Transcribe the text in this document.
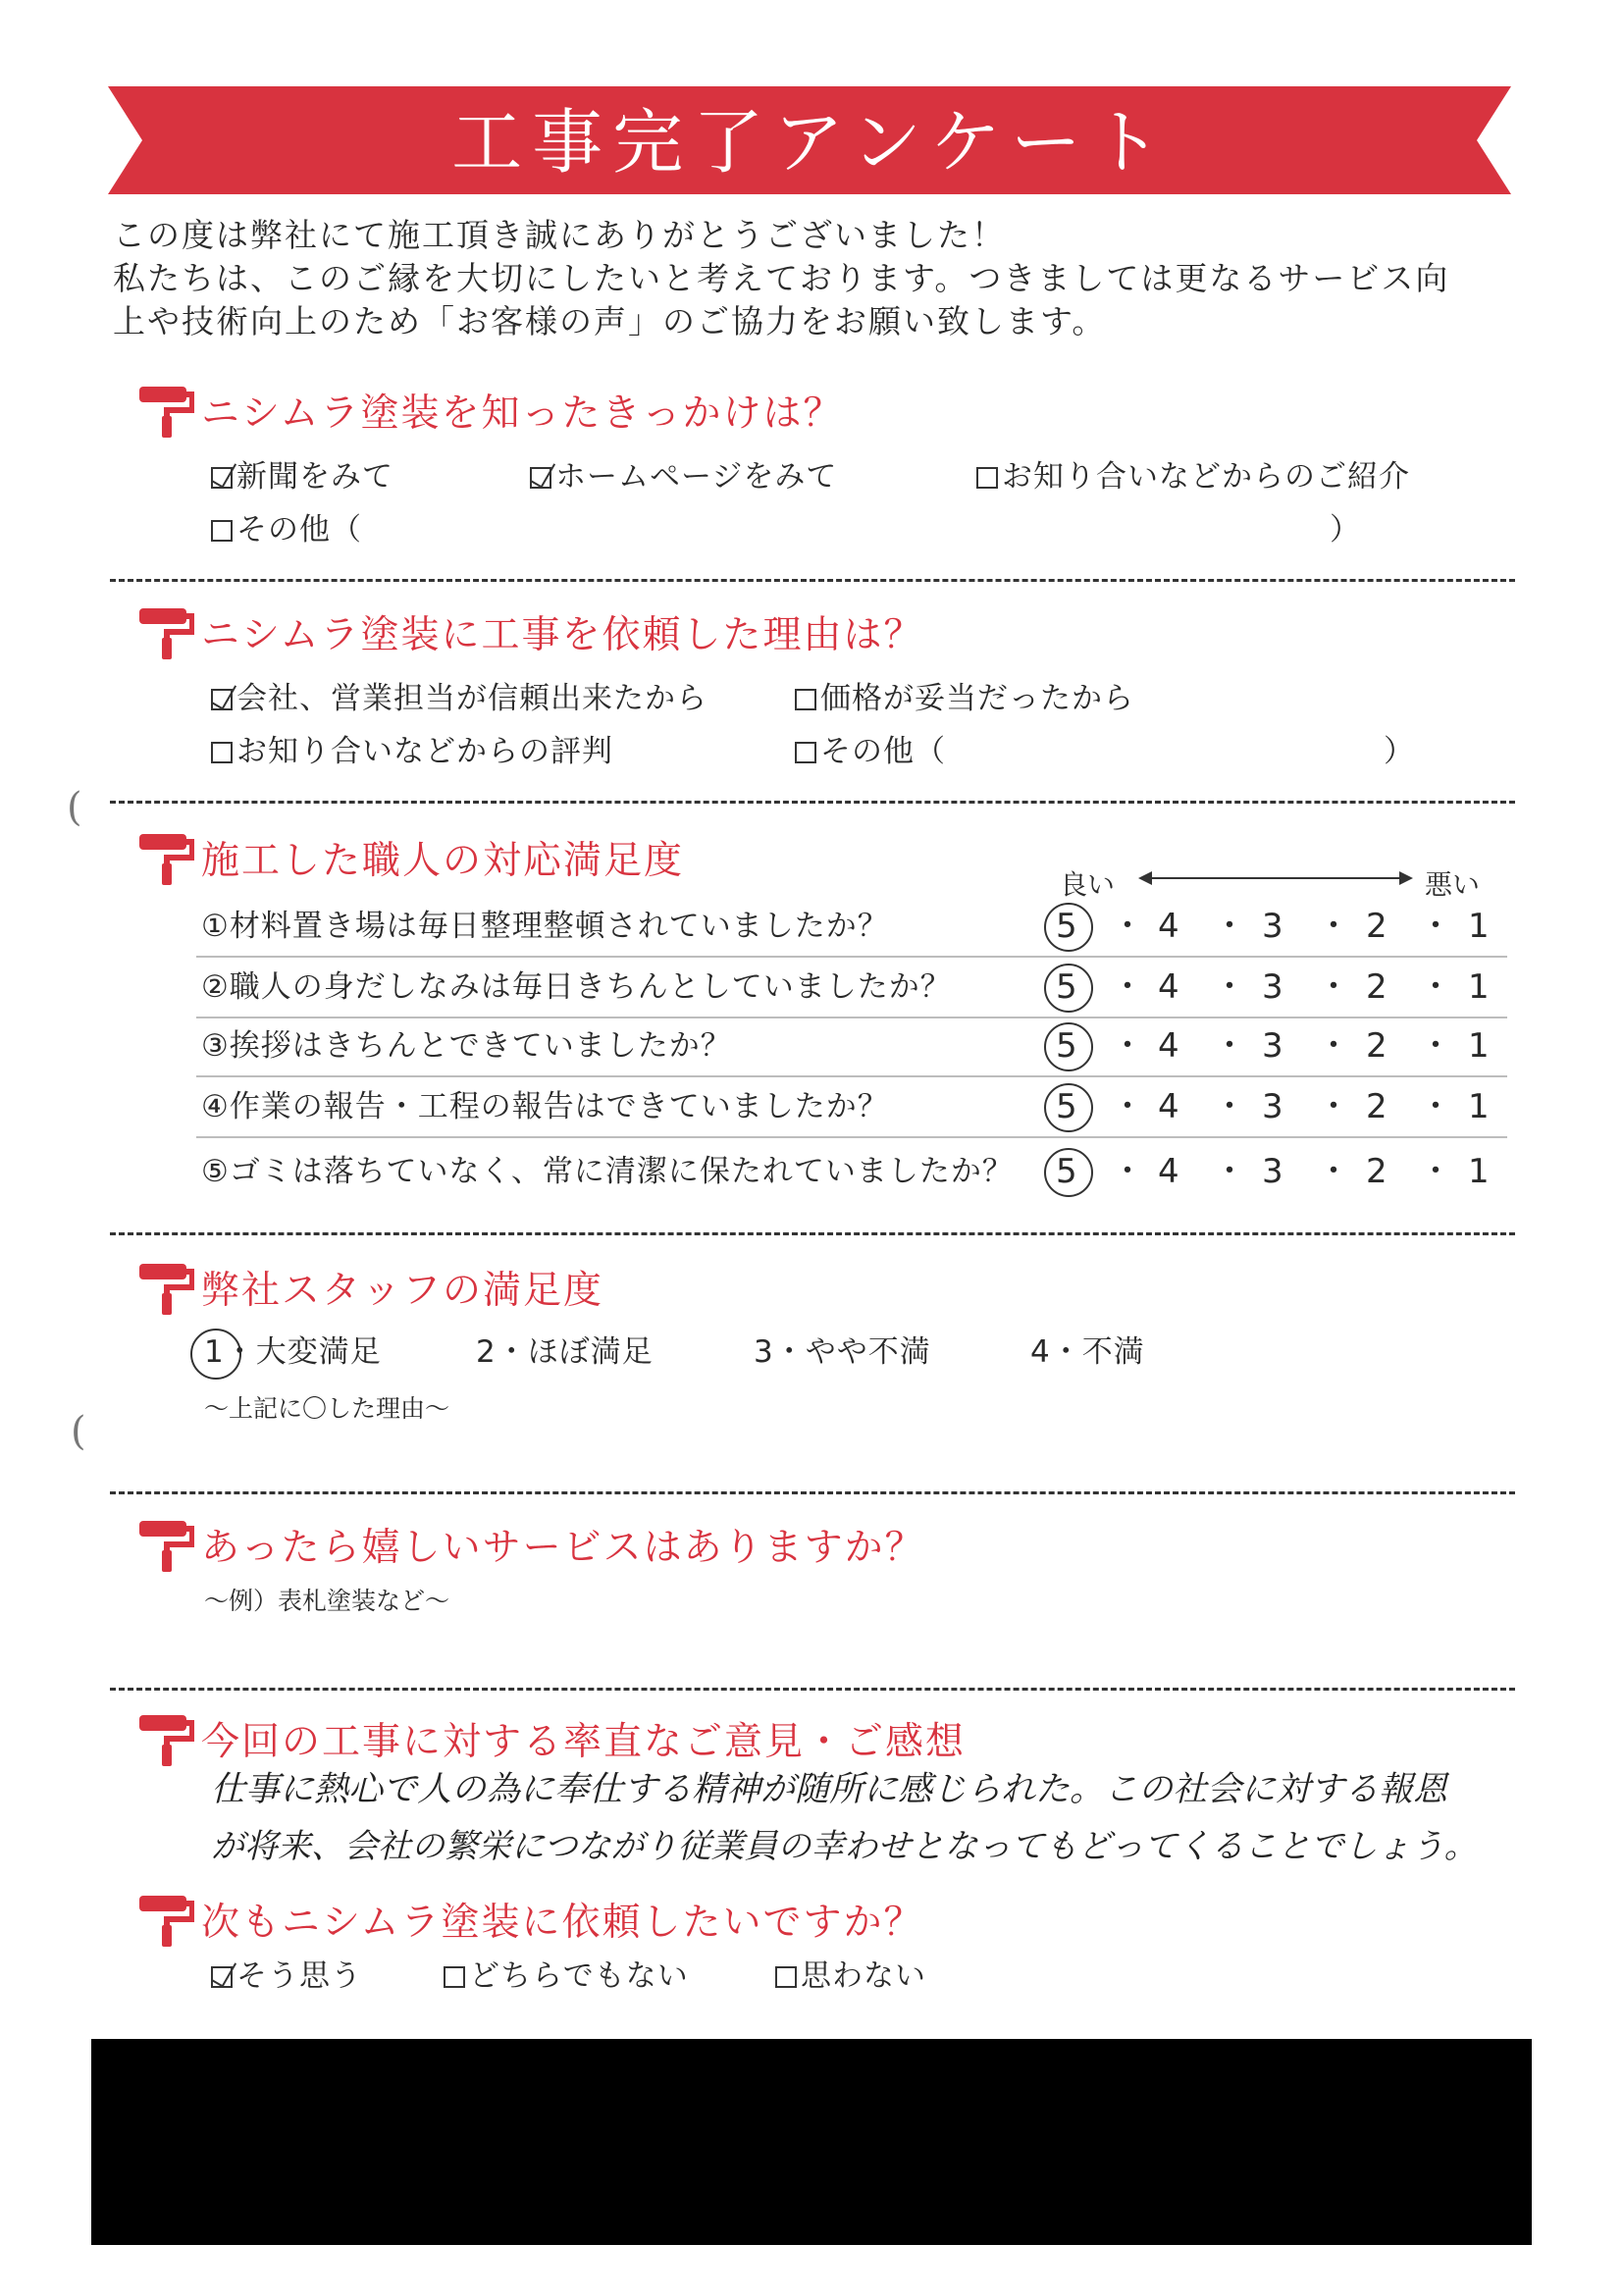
工事完了アンケート
この度は弊社にて施工頂き誠にありがとうございました！
私たちは、このご縁を大切にしたいと考えております。つきましては更なるサービス向
上や技術向上のため「お客様の声」のご協力をお願い致します。
ニシムラ塗装を知ったきっかけは？
新聞をみて	ホームページをみて	お知り合いなどからのご紹介
その他（	）
ニシムラ塗装に工事を依頼した理由は？
会社、営業担当が信頼出来たから	価格が妥当だったから
お知り合いなどからの評判	その他（	）
(
施工した職人の対応満足度
良い	悪い
①材料置き場は毎日整理整頓されていましたか？	5 4 3 2 1
・ ・ ・ ・
②職人の身だしなみは毎日きちんとしていましたか？	5 4 3 2 1
・ ・ ・ ・
③挨拶はきちんとできていましたか？	5 4 3 2 1
・ ・ ・ ・
④作業の報告・工程の報告はできていましたか？	5 4 3 2 1
・ ・ ・ ・
⑤ゴミは落ちていなく、常に清潔に保たれていましたか？ 5 4 3 2 1
・ ・ ・ ・
弊社スタッフの満足度
1・大変満足	2・ほぼ満足	3・やや不満	4・不満
～上記に〇した理由～
(
あったら嬉しいサービスはありますか？
～例）表札塗装など～
今回の工事に対する率直なご意見・ご感想
仕事に熱心で人の為に奉仕する精神が随所に感じられた。この社会に対する報恩
が将来、会社の繁栄につながり従業員の幸わせとなってもどってくることでしょう。
次もニシムラ塗装に依頼したいですか？
そう思う	どちらでもない	思わない
